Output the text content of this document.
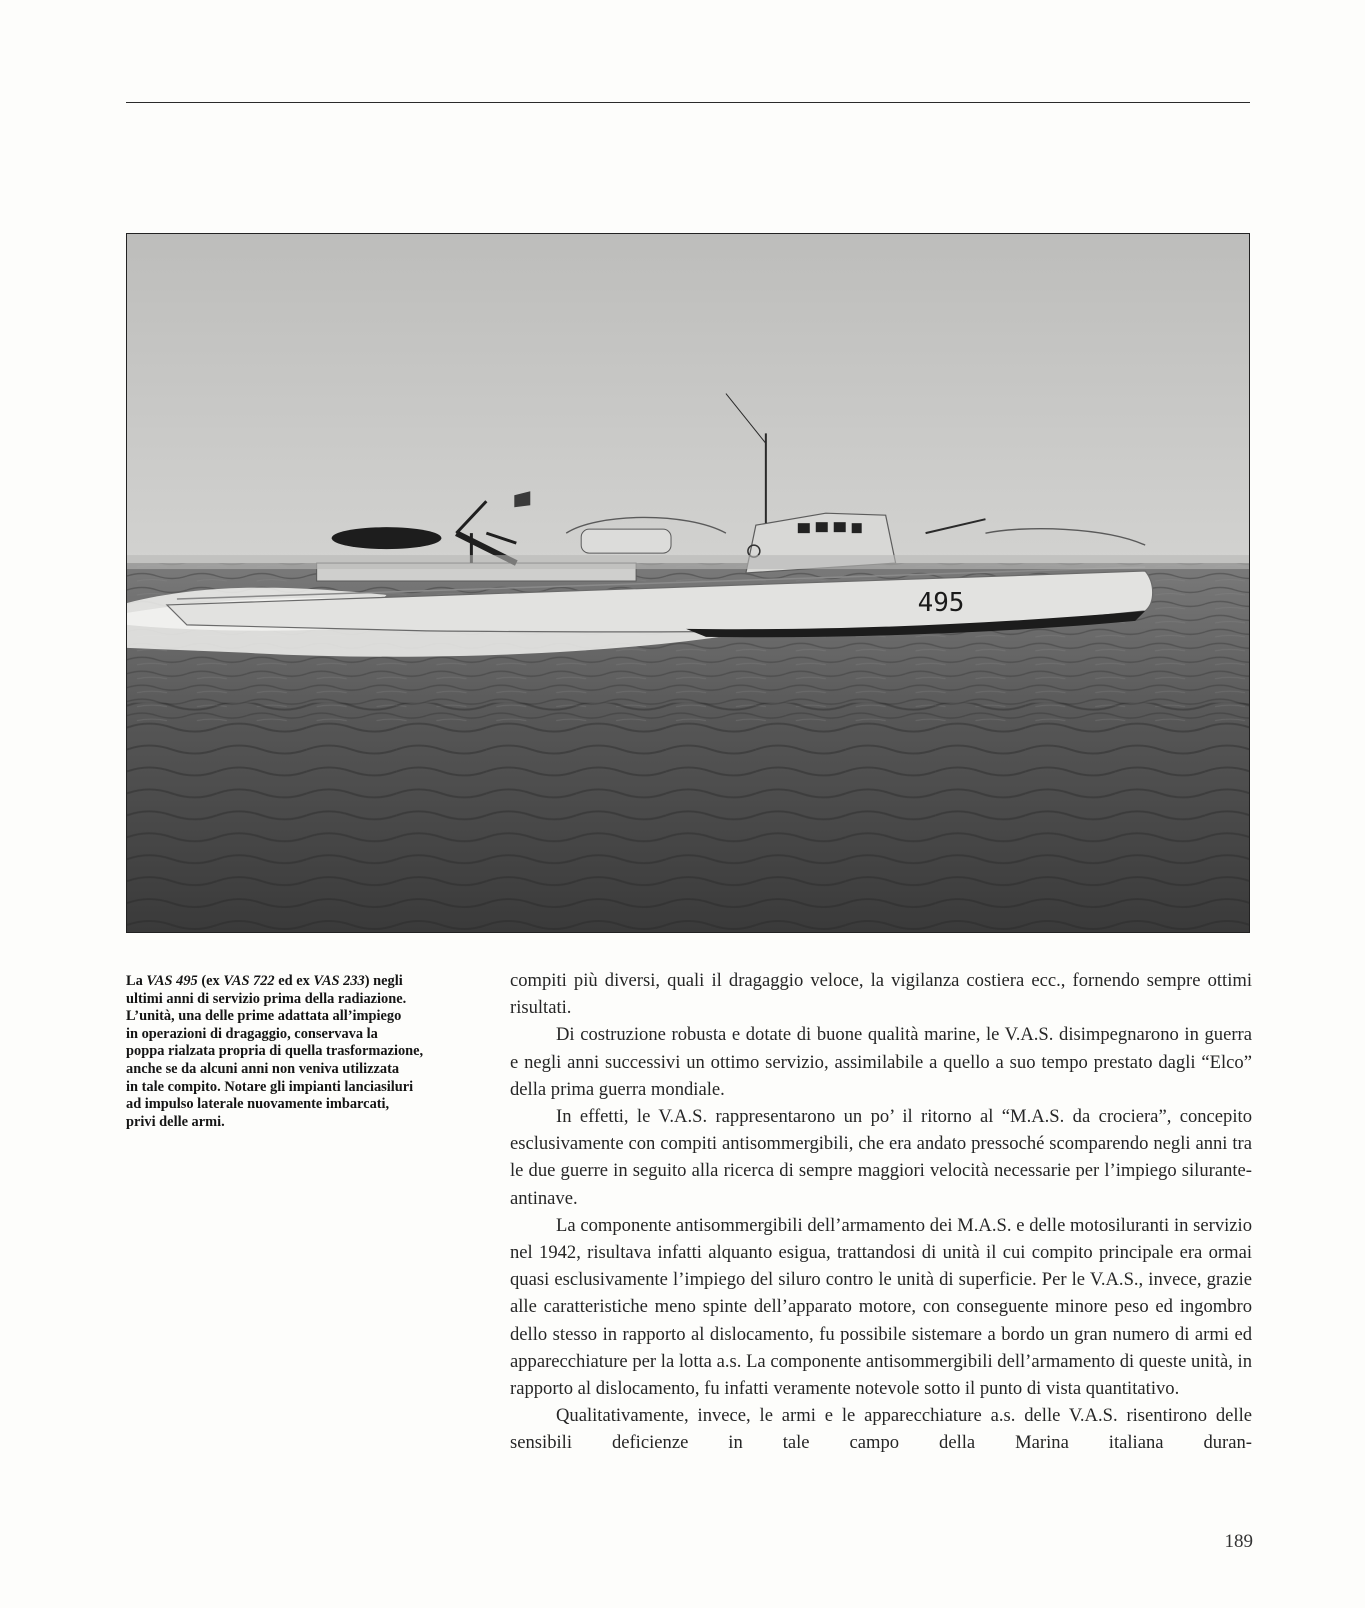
495
La VAS 495 (ex VAS 722 ed ex VAS 233) negli
ultimi anni di servizio prima della radiazione.
L’unità, una delle prime adattata all’impiego
in operazioni di dragaggio, conservava la
poppa rialzata propria di quella trasformazione,
anche se da alcuni anni non veniva utilizzata
in tale compito. Notare gli impianti lanciasiluri
ad impulso laterale nuovamente imbarcati,
privi delle armi.

compiti più diversi, quali il dragaggio veloce, la vigilanza costiera ecc., fornendo sempre ottimi risultati.

Di costruzione robusta e dotate di buone qualità marine, le V.A.S. disimpegnarono in guerra e negli anni successivi un ottimo servizio, assimilabile a quello a suo tempo prestato dagli “Elco” della prima guerra mondiale.

In effetti, le V.A.S. rappresentarono un po’ il ritorno al “M.A.S. da crociera”, concepito esclusivamente con compiti antisommergibili, che era andato pressoché scomparendo negli anni tra le due guerre in seguito alla ricerca di sempre maggiori velocità necessarie per l’impiego silurante-antinave.

La componente antisommergibili dell’armamento dei M.A.S. e delle motosiluranti in servizio nel 1942, risultava infatti alquanto esigua, trattandosi di unità il cui compito principale era ormai quasi esclusivamente l’impiego del siluro contro le unità di superficie. Per le V.A.S., invece, grazie alle caratteristiche meno spinte dell’apparato motore, con conseguente minore peso ed ingombro dello stesso in rapporto al dislocamento, fu possibile sistemare a bordo un gran numero di armi ed apparecchiature per la lotta a.s. La componente antisommergibili dell’armamento di queste unità, in rapporto al dislocamento, fu infatti veramente notevole sotto il punto di vista quantitativo.

Qualitativamente, invece, le armi e le apparecchiature a.s. delle V.A.S. risentirono delle sensibili deficienze in tale campo della Marina italiana duran-

189
